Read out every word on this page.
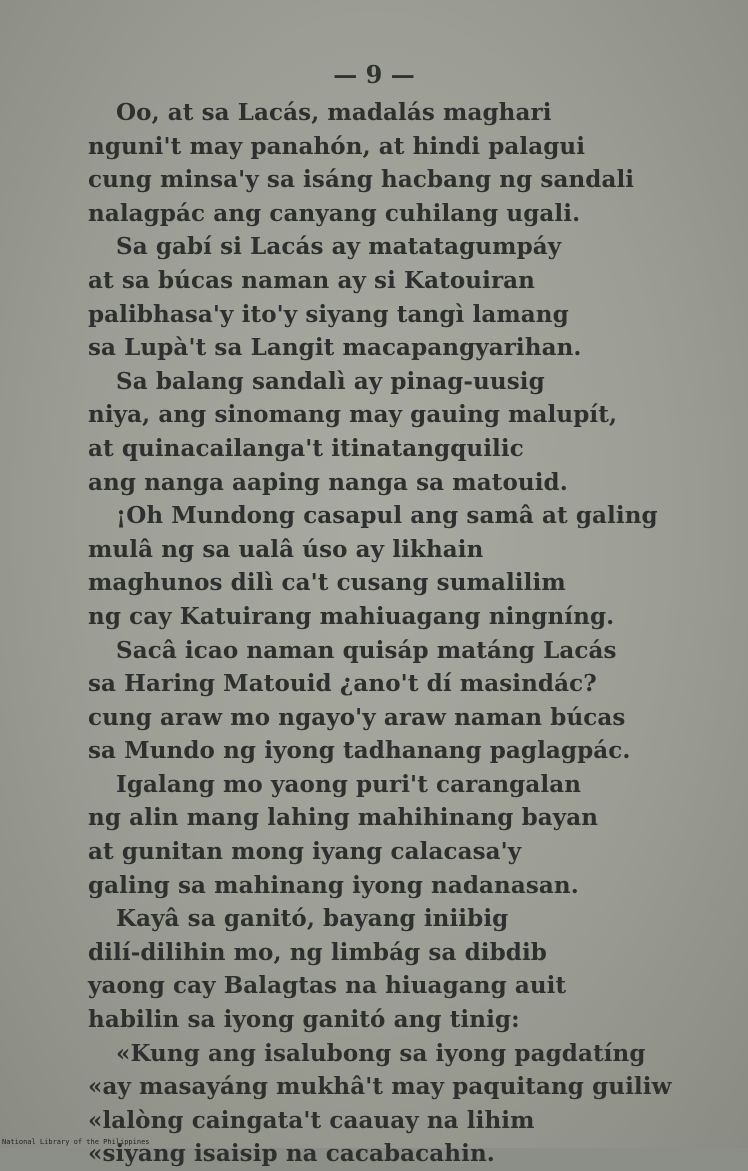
— 9 —
Oo, at sa Lacás, madalás maghari
nguni't may panahón, at hindi palagui
cung minsa'y sa isáng hacbang ng sandali
nalagpác ang canyang cuhilang ugali.
Sa gabí si Lacás ay matatagumpáy
at sa búcas naman ay si Katouiran
palibhasa'y ito'y siyang tangì lamang
sa Lupà't sa Langit macapangyarihan.
Sa balang sandalì ay pinag-uusig
niya, ang sinomang may gauing malupít,
at quinacailanga't itinatangquilic
ang nanga aaping nanga sa matouid.
¡Oh Mundong casapul ang samâ at galing
mulâ ng sa ualâ úso ay likhain
maghunos dilì ca't cusang sumalilim
ng cay Katuirang mahiuagang ningníng.
Sacâ icao naman quisáp matáng Lacás
sa Haring Matouid ¿ano't dí masindác?
cung araw mo ngayo'y araw naman búcas
sa Mundo ng iyong tadhanang paglagpác.
Igalang mo yaong puri't carangalan
ng alin mang lahing mahihinang bayan
at gunitan mong iyang calacasa'y
galing sa mahinang iyong nadanasan.
Kayâ sa ganitó, bayang iniibig
dilí-dilihin mo, ng limbág sa dibdib
yaong cay Balagtas na hiuagang auit
habilin sa iyong ganitó ang tinig:
«Kung ang isalubong sa iyong pagdatíng
«ay masayáng mukhâ't may paquitang guiliw
«lalòng caingata't caauay na lihim
«siyang isaisip na cacabacahin.
National Library of the Philippines
